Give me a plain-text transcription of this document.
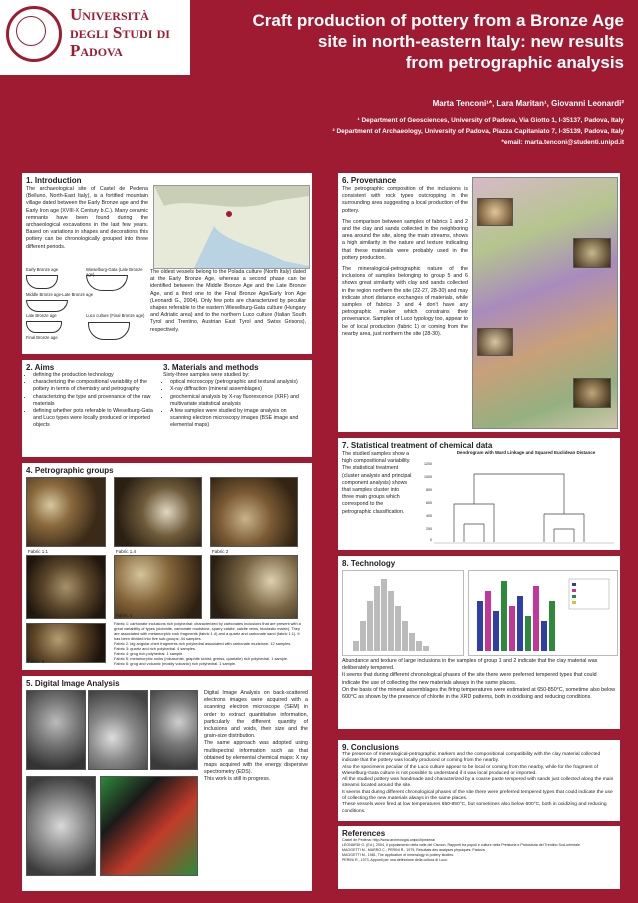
Università degli Studi di Padova
Craft production of pottery from a Bronze Age
site in north-eastern Italy: new results
from petrographic analysis
Marta Tenconi¹*, Lara Maritan¹, Giovanni Leonardi²
¹ Department of Geosciences, University of Padova, Via Giotto 1, I-35137, Padova, Italy
² Department of Archaeology, University of Padova, Piazza Capitaniato 7, I-35139, Padova, Italy
*email: marta.tenconi@studenti.unipd.it
1. Introduction
The archaeological site of Castel de Pedena (Belluno, North-East Italy), is a fortified mountain village dated between the Early Bronze age and the Early Iron age (XVIII-X Century b.C.). Many ceramic remnants have been found during the archaeological excavations in the last few years. Based on variations in shapes and decorations this pottery can be chronologically grouped into three different periods.
Early Bronze age
Middle Bronze age-Late Bronze age
Late Bronze age
Final Bronze age
Wieselburg-Gata (Late Bronze age)
Luco culture (Final Bronze age)
The oldest vessels belong to the Polada culture (North Italy) dated at the Early Bronze Age, whereas a second phase can be identified between the Middle Bronze Age and the Late Bronze Age, and a third one to the Final Bronze Age/Early Iron Age (Leonardi G., 2004). Only few pots are characterized by peculiar shapes referable to the eastern Wieselburg-Gata culture (Hungary and Adriatic area) and to the northern Luco culture (Italian South Tyrol and Trentino, Austrian East Tyrol and Swiss Grisons), respectively.
2. Aims
• defining the production technology
• characterizing the compositional variability of the pottery in terms of chemistry and petrography
• characterizing the type and provenance of the raw materials
• defining whether pots referable to Wieselburg-Gata and Luco types were locally produced or imported objects
3. Materials and methods
Sixty-three samples were studied by:
• optical microscopy (petrographic and textural analysis)
• X-ray diffraction (mineral assemblages)
• geochemical analysis by X-ray fluorescence (XRF) and multivariate statistical analysis
• A few samples were studied by image analysis on scanning electron microscopy images (BSE image and elemental maps)
4. Petrographic groups
Fabric 1.1	Fabric 1.4	Fabric 2
Fabric 3	Fabric 4	Fabric 5
Fabric 6
Fabric 1: carbonate inclusions rich polyhedral: characterized by carbonates inclusions that are present with a great variability of types (dolomite, carbonate mudstone, sparry calcite, calcite veins, bioclastic matrix). They are associated with metamorphic rock fragments (fabric 1.4) and a quartz and carbonate sand (fabric 1.1). It has been divided into five sub-groups; 44 samples.
Fabric 2: big angular chert fragments rich polyhedral associated with carbonate mudstone. 12 samples.
Fabric 3: quartz and rich polyhedral. 4 samples.
Fabric 4: grog rich polyhedral. 1 sample.
Fabric 5: metamorphic rocks (micaschist, graphite schist, gneiss, quartzite) rich polyhedral. 1 sample.
Fabric 6: grog and volcanic (mostly volcanic) rich polyhedral. 1 sample.
5. Digital Image Analysis
Digital Image Analysis on back-scattered electrons images were acquired with a scanning electron microscope (SEM) in order to extract quantitative information, particularly the different quantity of inclusions and voids, their size and the grain-size distribution.
The same approach was adopted using multispectral information such as that obtained by elemental chemical maps: X ray maps acquired with the energy dispersive spectrometry (EDS).
This work is still in progress.
6. Provenance
The petrographic composition of the inclusions is consistent with rock types outcropping in the surrounding area suggesting a local production of the pottery.
The comparison between samples of fabrics 1 and 2 and the clay and sands collected in the neighboring area around the site, along the main streams, shows a high similarity in the nature and texture indicating that these materials were probably used in the pottery production.
The mineralogical-petrographic nature of the inclusions of samples belonging to group 5 and 6 shows great similarity with clay and sands collected in the region northern the site (22-27, 28-30) and may indicate short distance exchanges of materials, while samples of fabrics 3 and 4 don't have any petrographic marker which constrains their provenance. Samples of Luco typology too, appear to be of local production (fabric 1) or coming from the nearby area, just northern the site (28-30).
7. Statistical treatment of chemical data
The studied samples show a high compositional variability. The statistical treatment (cluster analysis and principal component analysis) shows that samples cluster into three main groups which correspond to the petrographic classification.
Dendrogram with Ward Linkage and Squared Euclidean Distance
1200
1000
800
600
400
200
0
8. Technology
Abundance and texture of large inclusions in the samples of group 1 and 2 indicate that the clay material was deliberately tempered.
It seems that during different chronological phases of the site there were preferred tempered types that could indicate the use of collecting the new materials always in the same places.
On the basis of the mineral assemblages the firing temperatures were estimated at 650-850°C, sometime also below 600°C as shown by the presence of chlorite in the XRD patterns, both in oxidising and reducing conditions.
9. Conclusions
The presence of mineralogical-petrographic markers and the compositional compatibility with the clay material collected indicate that the pottery was locally produced or coming from the nearby.
Also the specimens peculiar of the Luco culture appear to be local or coming from the nearby, while for the fragment of Wieselburg-Gata culture is not possible to understand if it was local produced or imported.
All the studied pottery was handmade and characterized by a coarse paste tempered with sands just collected along the main streams located around the site.
It seems that during different chronological phases of the site there were preferred tempered types that could indicate the use of collecting the new materials always in the same places.
These vessels were fired at low temperatures 650-850°C, but sometimes also below 600°C, both in oxidizing and reducing conditions.
References
Castel de Pedena: http://www.archeologia.unipd.it/pedena/
LEONARDI G. (Ed.), 2004, Il popolamento della valle del Cismon, Rapporti tra popoli e culture nella Preistoria e Protostoria del Trentino Sud-orientale.
MAGGETTI M., MARRO C., PERINI R., 1979, Résultats des analyses physiques. Padova.
MAGGETTI M., 1981, The application of mineralogy to pottery studies.
PERINI R., 1973, Appunti per una definizione della cultura di Luco.
